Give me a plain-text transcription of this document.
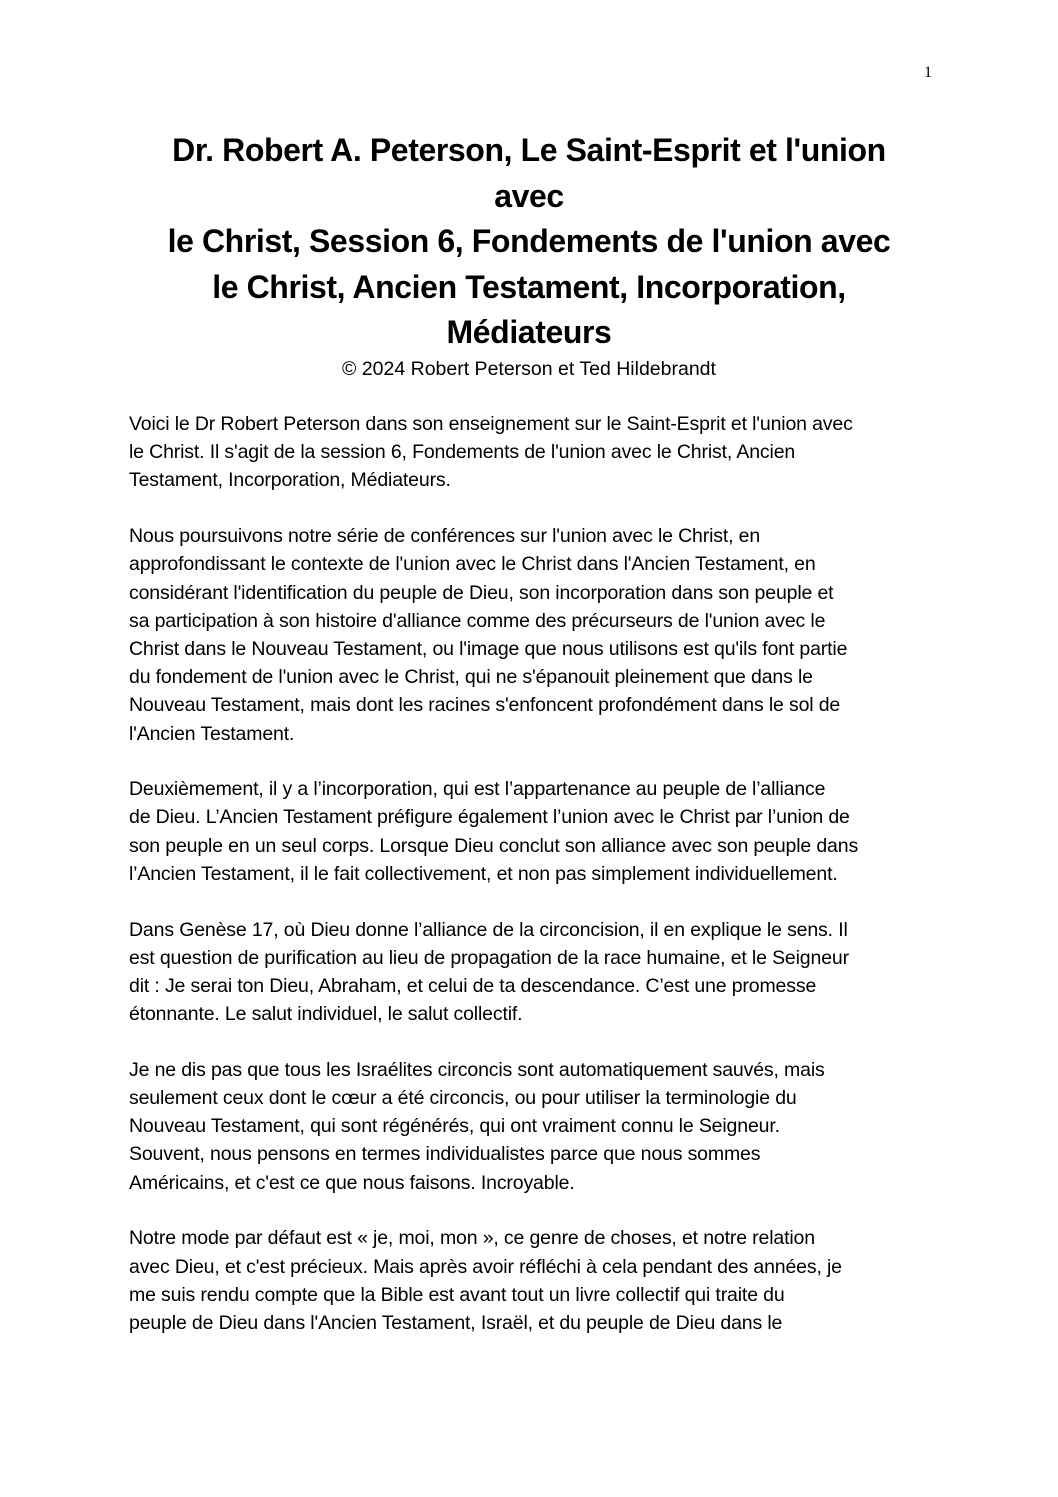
1
Dr. Robert A. Peterson, Le Saint-Esprit et l'union
avec
le Christ, Session 6, Fondements de l'union avec
le Christ, Ancien Testament, Incorporation,
Médiateurs
© 2024 Robert Peterson et Ted Hildebrandt
Voici le Dr Robert Peterson dans son enseignement sur le Saint-Esprit et l'union avec
le Christ. Il s'agit de la session 6, Fondements de l'union avec le Christ, Ancien
Testament, Incorporation, Médiateurs.
Nous poursuivons notre série de conférences sur l'union avec le Christ, en
approfondissant le contexte de l'union avec le Christ dans l'Ancien Testament, en
considérant l'identification du peuple de Dieu, son incorporation dans son peuple et
sa participation à son histoire d'alliance comme des précurseurs de l'union avec le
Christ dans le Nouveau Testament, ou l'image que nous utilisons est qu'ils font partie
du fondement de l'union avec le Christ, qui ne s'épanouit pleinement que dans le
Nouveau Testament, mais dont les racines s'enfoncent profondément dans le sol de
l'Ancien Testament.
Deuxièmement, il y a l’incorporation, qui est l’appartenance au peuple de l’alliance
de Dieu. L’Ancien Testament préfigure également l’union avec le Christ par l’union de
son peuple en un seul corps. Lorsque Dieu conclut son alliance avec son peuple dans
l’Ancien Testament, il le fait collectivement, et non pas simplement individuellement.
Dans Genèse 17, où Dieu donne l’alliance de la circoncision, il en explique le sens. Il
est question de purification au lieu de propagation de la race humaine, et le Seigneur
dit : Je serai ton Dieu, Abraham, et celui de ta descendance. C’est une promesse
étonnante. Le salut individuel, le salut collectif.
Je ne dis pas que tous les Israélites circoncis sont automatiquement sauvés, mais
seulement ceux dont le cœur a été circoncis, ou pour utiliser la terminologie du
Nouveau Testament, qui sont régénérés, qui ont vraiment connu le Seigneur.
Souvent, nous pensons en termes individualistes parce que nous sommes
Américains, et c'est ce que nous faisons. Incroyable.
Notre mode par défaut est « je, moi, mon », ce genre de choses, et notre relation
avec Dieu, et c'est précieux. Mais après avoir réfléchi à cela pendant des années, je
me suis rendu compte que la Bible est avant tout un livre collectif qui traite du
peuple de Dieu dans l'Ancien Testament, Israël, et du peuple de Dieu dans le
